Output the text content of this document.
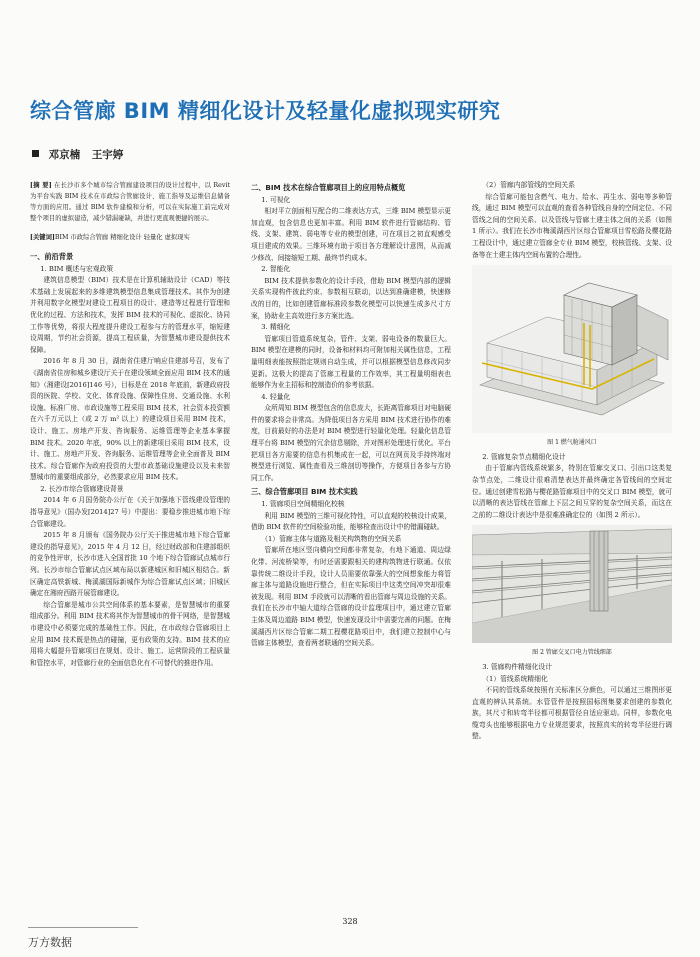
综合管廊 BIM 精细化设计及轻量化虚拟现实研究
邓京楠 王宇婷

[摘 要] 在长沙市多个城市综合管廊建设项目的设计过程中，以 Revit 为平台实践 BIM 技术在市政综合管廊设计、施工指导及运维信息储备等方面的应用。通过 BIM 软件建模和分析，可以在实际施工前完成对整个项目的虚拟建造，减少错漏碰缺，并进行更直观便捷的展示。

[关键词]BIM 市政综合管廊 精细化设计 轻量化 虚拟现实

一、前沿背景
1. BIM 概述与宏观政策

建筑信息模型（BIM）技术是在计算机辅助设计（CAD）等技术基础上发展起来的多维建筑模型信息集成管理技术。其作为创建并利用数字化模型对建设工程项目的设计、建造等过程进行管理和优化的过程、方法和技术，发挥 BIM 技术的可视化、虚拟化、协同工作等优势，将很大程度提升建设工程参与方的管理水平，缩短建设周期，节约社会资源，提高工程质量，为智慧城市建设提供技术保障。

2016 年 8 月 30 日，湖南省住建厅响应住建部号召，发布了《湖南省住房和城乡建设厅关于在建设领域全面应用 BIM 技术的通知》（湘建设[2016]146 号），目标是在 2018 年底前，新建政府投资的医院、学校、文化、体育设施、保障性住房、交通设施、水利设施、标准厂房、市政设施等工程采用 BIM 技术，社会资本投资额在六千万元以上（或 2 万 m² 以上）的建设项目采用 BIM 技术，设计、施工、房地产开发、咨询服务、运维管理等企业基本掌握 BIM 技术。2020 年底，90% 以上的新建项目采用 BIM 技术，设计、施工、房地产开发、咨询服务、运维管理等企业全面普及 BIM 技术。综合管廊作为政府投资的大型市政基础设施建设以及未来智慧城市的重要组成部分，必然要求应用 BIM 技术。

2. 长沙市综合管廊建设背景

2014 年 6 月国务院办公厅在《关于加强地下管线建设管理的指导意见》（国办发[2014]27 号）中提出：要稳步推进城市地下综合管廊建设。

2015 年 8 月颁布《国务院办公厅关于推进城市地下综合管廊建设的指导意见》，2015 年 4 月 12 日，经过财政部和住建部组织的竞争性评审，长沙市进入全国首批 10 个地下综合管廊试点城市行列。长沙市综合管廊试点区域布局以新建城区和旧城区相结合。新区确定高铁新城、梅溪湖国际新城作为综合管廊试点区域；旧城区确定在湘府西路开展管廊建设。

综合管廊是城市公共空间体系的基本要素，是智慧城市的重要组成部分。利用 BIM 技术将其作为智慧城市的骨干网络，是智慧城市建设中必须要完成的基础性工作。因此，在市政综合管廊项目上应用 BIM 技术既是热点的碰撞，更有政策的支持。BIM 技术的应用将大幅提升管廊项目在规划、设计、施工、运营阶段的工程质量和管控水平，对管廊行业的全面信息化有不可替代的推进作用。

二、BIM 技术在综合管廊项目上的应用特点概览
1. 可视化

相对平立剖面相互配合的二维表达方式，三维 BIM 模型显示更加直观，包含信息也更加丰富。利用 BIM 软件进行管廊结构、管线、支架、建筑、弱电等专业的模型创建，可在项目之初直观感受项目建成的效果。三维环境有助于项目各方理解设计意图，从而减少修改、间接缩短工期、最终节约成本。

2. 智能化

BIM 技术提供参数化的设计手段，借助 BIM 模型内部的逻辑关系实现构件彼此约束、参数相互联动，以达到准确建模，快速修改的目的，比如创建管廊标准段参数化模型可以快速生成多尺寸方案，协助业主高效进行多方案比选。

3. 精细化

管廊项目管道系统复杂，管件、支架、弱电设备的数量巨大。BIM 模型在建模的同时，设备和材料均可附加相关属性信息，工程量明细表能按照指定规则自动生成，并可以根据模型信息修改同步更新。这极大的提高了管廊工程量的工作效率，其工程量明细表也能够作为业主招标和控制造价的参考依据。

4. 轻量化

众所周知 BIM 模型包含的信息庞大，长距离管廊项目对电脑硬件的要求将会非常高。为降低项目各方采用 BIM 技术进行协作的难度，目前最好的办法是对 BIM 模型进行轻量化处理。轻量化信息管理平台将 BIM 模型的冗余信息剔除，并对图形处理进行优化。平台把项目各方需要的信息有机集成在一起，可以在网页及手持终端对模型进行浏览、属性查看及三维剖切等操作，方便项目各参与方协同工作。

三、综合管廊项目 BIM 技术实践
1. 管廊项目空间精细化校核

利用 BIM 模型的三维可视化特性，可以直观的校核设计成果，借助 BIM 软件的空间检验功能，能够检查出设计中的错漏碰缺。

（1）管廊主体与道路及相关构筑物的空间关系

管廊所在地区竖向横向空间都非常复杂，有地下通道、周边绿化带、河流桥梁等，有时还需要跟相关的建构筑物进行联通。仅依靠传统二维设计手段，设计人员需要依靠强大的空间想象能力将管廊主体与道路设施进行整合，但在实际项目中这类空间冲突却很难被发现。利用 BIM 手段就可以清晰的看出管廊与周边设施的关系。我们在长沙市中轴大道综合管廊的设计监理项目中，通过建立管廊主体及周边道路 BIM 模型，快速发现设计中需要完善的问题。在梅溪湖西片区综合管廊二期工程樱花路项目中，我们建立控制中心与管廊主体模型，查看两者联通的空间关系。

（2）管廊内部管线的空间关系

综合管廊可能包含燃气、电力、给水、再生水、弱电等多种管线，通过 BIM 模型可以直观的查看各种管线自身的空间定位、不同管线之间的空间关系、以及管线与管廊土建主体之间的关系（如图 1 所示）。我们在长沙市梅溪湖西片区综合管廊项目雪松路及樱花路工程设计中，通过建立管廊全专业 BIM 模型，校核管线、支架、设备等在土建主体内空间布置的合理性。

图 1 燃气舱通风口

2. 管廊复杂节点精细化设计

由于管廊内管线系统繁多，特别在管廊交叉口、引出口这类复杂节点处，二维设计很难清楚表达并最终确定各管线间的空间定位。通过创建雪松路与樱花路管廊项目中的交叉口 BIM 模型，就可以清晰的表达管线在管廊上下层之间互穿的复杂空间关系，而这在之前的二维设计表达中是很难准确定位的（如图 2 所示）。

图 2 管廊交叉口电力管线细部

3. 管廊构件精细化设计
（1）管线系统精细化

不同的管线系统按照有关标准区分颜色，可以通过三维图形更直观的辨认其系统。水管管件是按照国标图集要求创建的参数化族，其尺寸和转弯半径都可根据管径自适应驱动。同样，参数化电缆弯头也能够根据电力专业规范要求，按照真实的转弯半径进行调整。

328
万方数据
